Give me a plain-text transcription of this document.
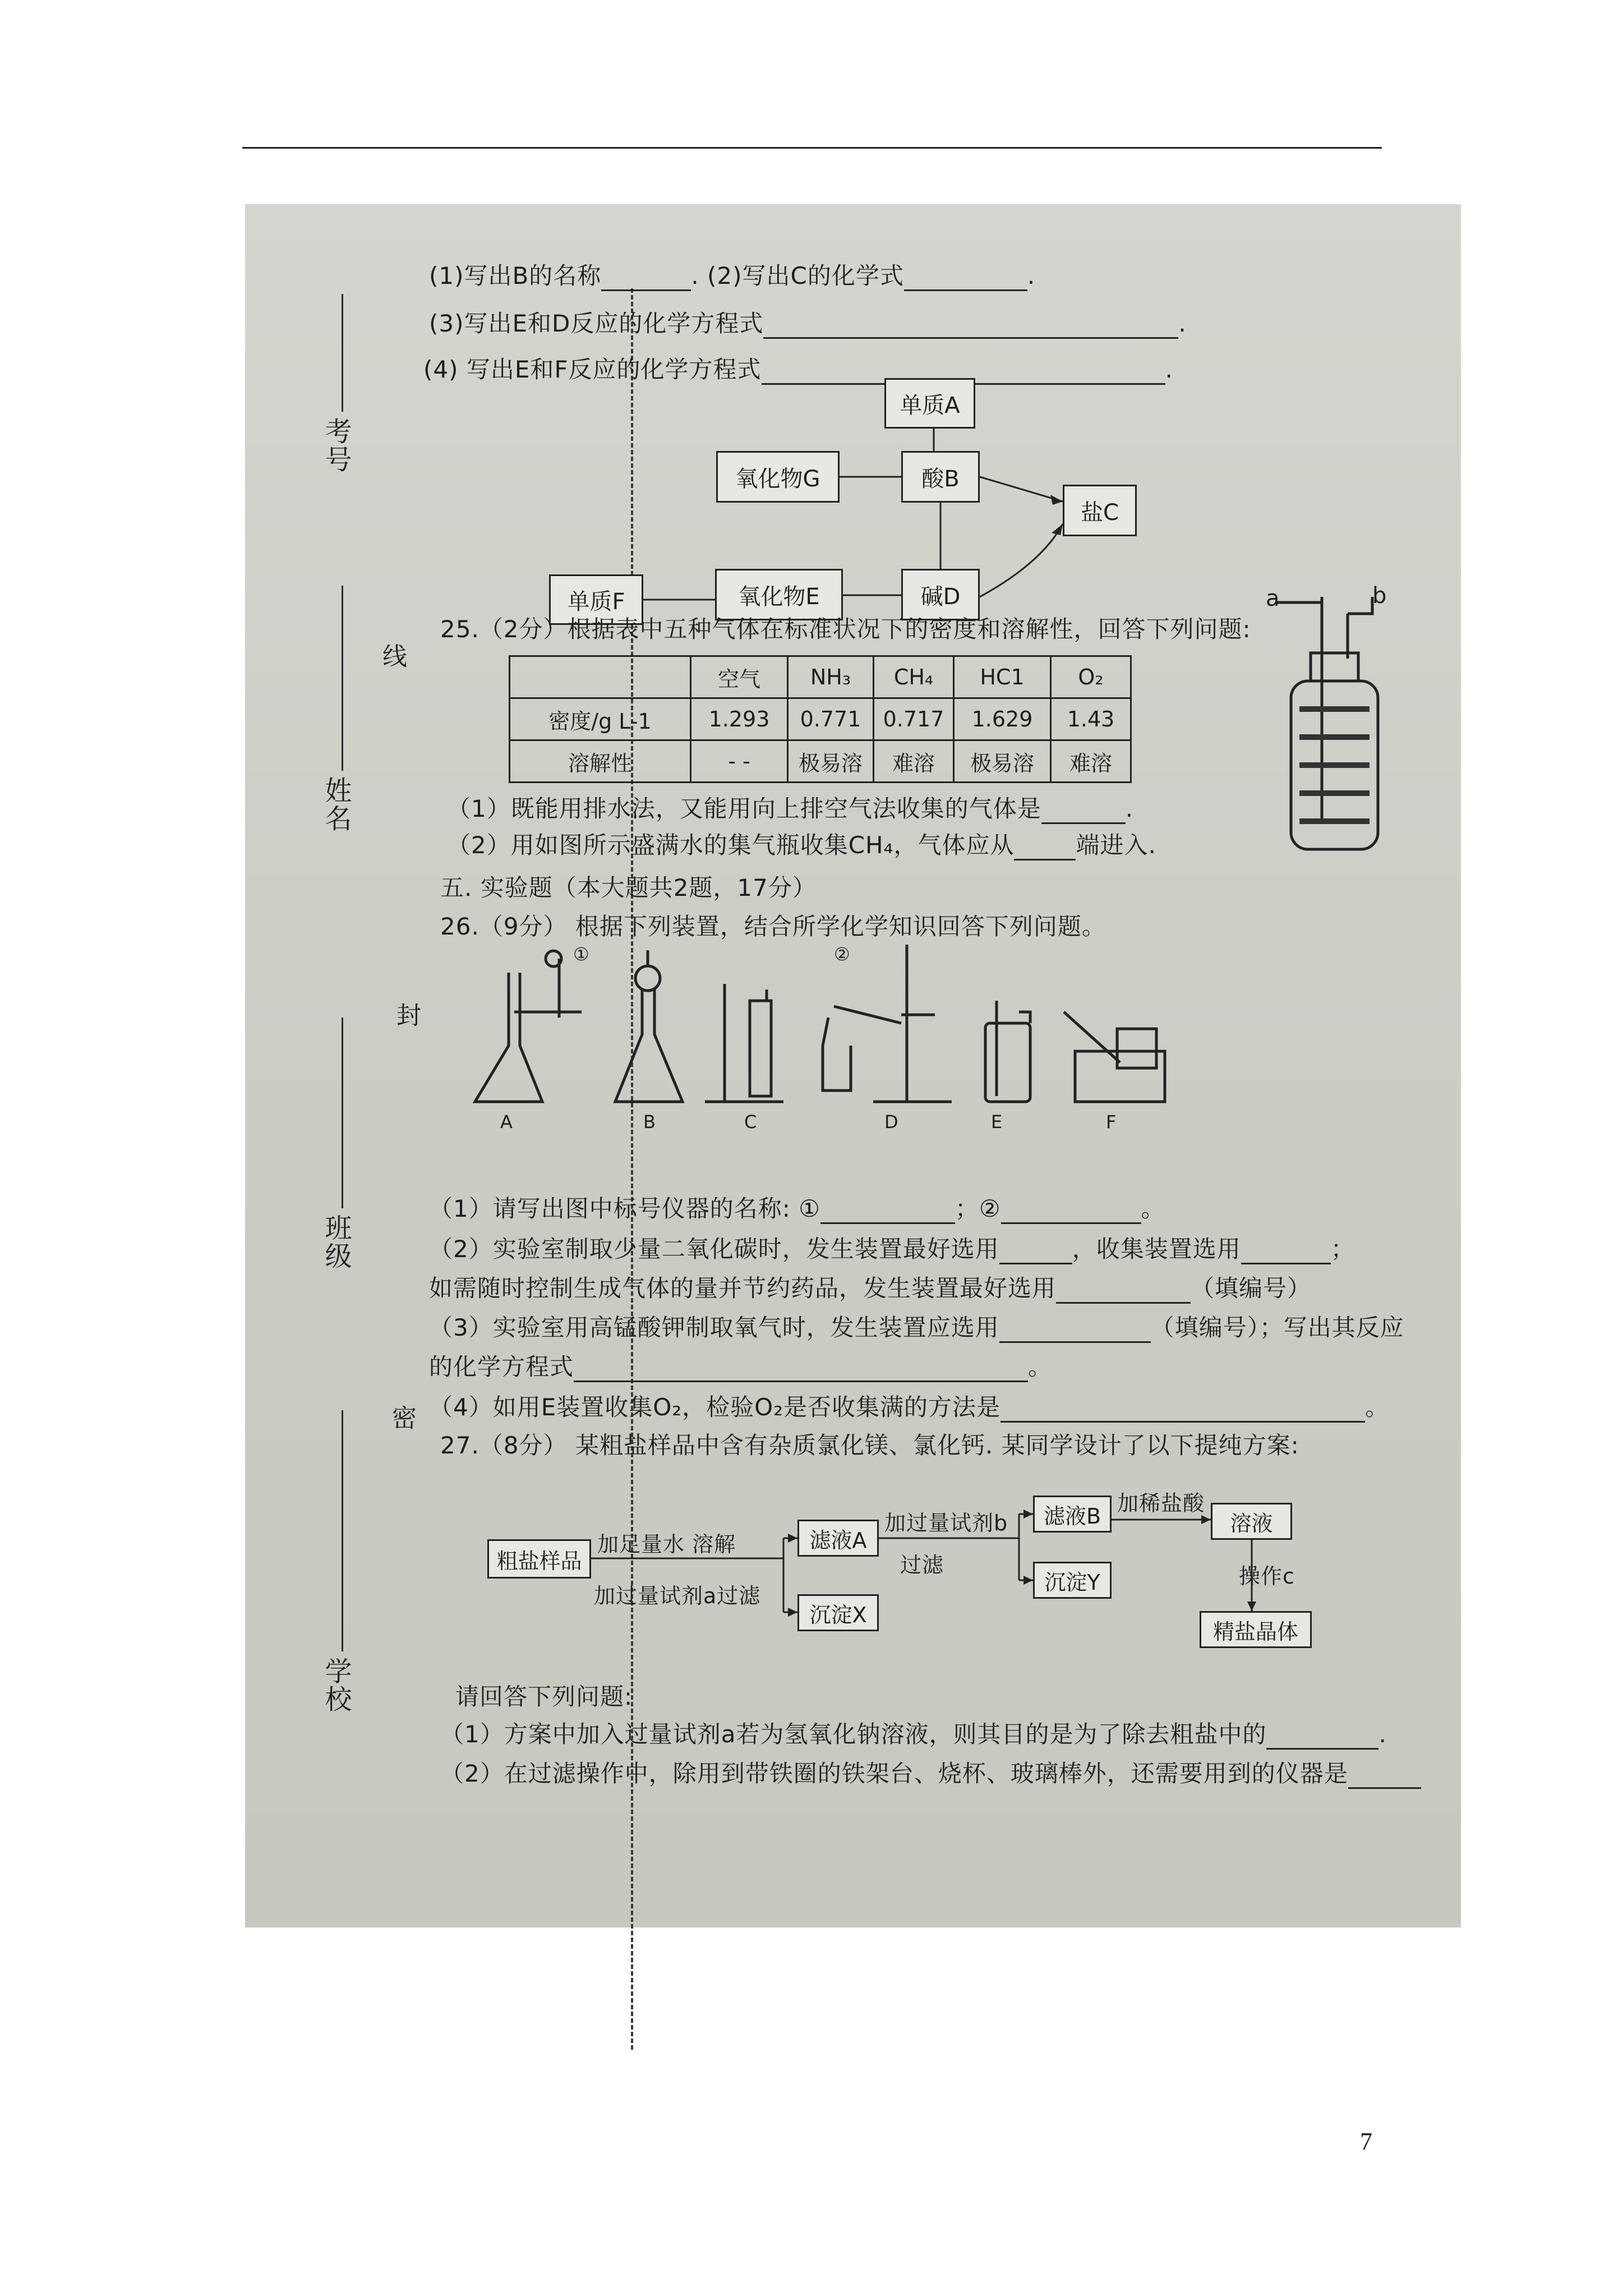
线
封
密
考号
姓名
班级
学校
(1)写出B的名称	. (2)写出C的化学式	.
(3)写出E和D反应的化学方程式	.
(4) 写出E和F反应的化学方程式	.
单质A
氧化物G	酸B
盐C
单质F	氧化物E	碱D	a	b
25.（2分）根据表中五种气体在标准状况下的密度和溶解性，回答下列问题:
	空气	NH₃	CH₄	HC1	O₂
密度/g L-1	1.293	0.771	0.717	1.629	1.43
溶解性	- -	极易溶	难溶	极易溶	难溶
（1）既能用排水法，又能用向上排空气法收集的气体是	.
（2）用如图所示盛满水的集气瓶收集CH₄，气体应从	端进入.
五. 实验题（本大题共2题，17分）
26.（9分） 根据下列装置，结合所学化学知识回答下列问题。
①	②
A	B	C	D	E	F
（1）请写出图中标号仪器的名称: ①	；②	。
（2）实验室制取少量二氧化碳时，发生装置最好选用	，收集装置选用	；
如需随时控制生成气体的量并节约药品，发生装置最好选用	（填编号）
（3）实验室用高锰酸钾制取氧气时，发生装置应选用	（填编号）；写出其反应
的化学方程式	。
（4）如用E装置收集O₂，检验O₂是否收集满的方法是	。
27.（8分） 某粗盐样品中含有杂质氯化镁、氯化钙. 某同学设计了以下提纯方案:
粗盐样品
加足量水 溶解
加过量试剂a过滤
滤液A
沉淀X
加过量试剂b
过滤
滤液B
沉淀Y
加稀盐酸
溶液
操作c
精盐晶体
请回答下列问题:
（1）方案中加入过量试剂a若为氢氧化钠溶液，则其目的是为了除去粗盐中的	.
（2）在过滤操作中，除用到带铁圈的铁架台、烧杯、玻璃棒外，还需要用到的仪器是
7
